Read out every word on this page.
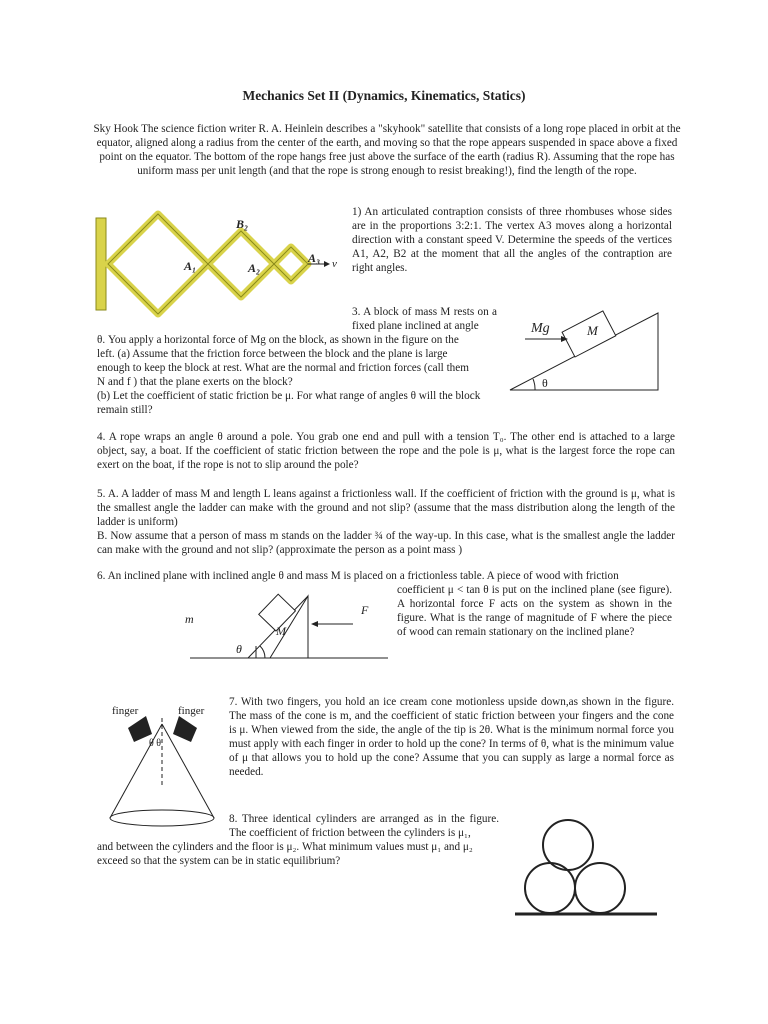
Mechanics Set II (Dynamics, Kinematics, Statics)
Sky Hook The science fiction writer R. A. Heinlein describes a "skyhook" satellite that consists of a long rope placed in orbit at the equator, aligned along a radius from the center of the earth, and moving so that the rope appears suspended in space above a fixed point on the equator. The bottom of the rope hangs free just above the surface of the earth (radius R). Assuming that the rope has uniform mass per unit length (and that the rope is strong enough to resist breaking!), find the length of the rope.
B₂
A₁	A₂
A₃ v
1) An articulated contraption consists of three rhombuses whose sides are in the proportions 3:2:1. The vertex A3 moves along a horizontal direction with a constant speed V. Determine the speeds of the vertices A1, A2, B2 at the moment that all the angles of the contraption are right angles.
3. A block of mass M rests on a fixed plane inclined at angle
θ. You apply a horizontal force of Mg on the block, as shown in the figure on the
left. (a) Assume that the friction force between the block and the plane is large
enough to keep the block at rest. What are the normal and friction forces (call them
N and f ) that the plane exerts on the block?
(b) Let the coefficient of static friction be μ. For what range of angles θ will the block
remain still?
Mg	M
θ
4. A rope wraps an angle θ around a pole. You grab one end and pull with a tension T₀. The other end is attached to a large object, say, a boat. If the coefficient of static friction between the rope and the pole is μ, what is the largest force the rope can exert on the boat, if the rope is not to slip around the pole?
5. A. A ladder of mass M and length L leans against a frictionless wall. If the coefficient of friction with the ground is μ, what is the smallest angle the ladder can make with the ground and not slip? (assume that the mass distribution along the length of the ladder is uniform)
B. Now assume that a person of mass m stands on the ladder ¾ of the way-up. In this case, what is the smallest angle the ladder can make with the ground and not slip? (approximate the person as a point mass )
6. An inclined plane with inclined angle θ and mass M is placed on a frictionless table. A piece of wood with friction
coefficient μ < tan θ is put on the inclined plane (see figure). A horizontal force F acts on the system as shown in the figure. What is the range of magnitude of F where the piece of wood can remain stationary on the inclined plane?
m
M
F
θ
finger	finger
θ θ
7. With two fingers, you hold an ice cream cone motionless upside down,as shown in the figure. The mass of the cone is m, and the coefficient of static friction between your fingers and the cone is μ. When viewed from the side, the angle of the tip is 2θ. What is the minimum normal force you must apply with each finger in order to hold up the cone? In terms of θ, what is the minimum value of μ that allows you to hold up the cone? Assume that you can supply as large a normal force as needed.
8. Three identical cylinders are arranged as in the figure. The coefficient of friction between the cylinders is μ₁,
and between the cylinders and the floor is μ₂. What minimum values must μ₁ and μ₂
exceed so that the system can be in static equilibrium?
